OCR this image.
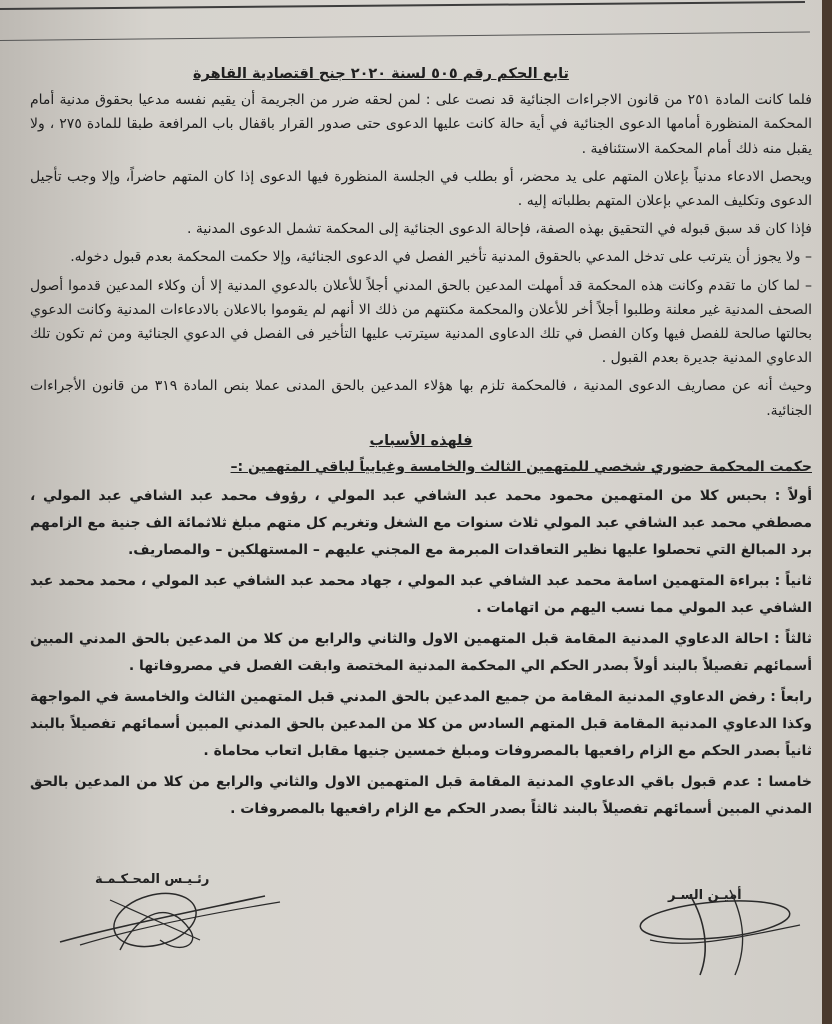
تابع الحكم رقم ٥٠٥ لسنة ٢٠٢٠ جنح اقتصادية القاهرة

فلما كانت المادة ٢٥١ من قانون الاجراءات الجنائية قد نصت على : لمن لحقه ضرر من الجريمة أن يقيم نفسه مدعيا بحقوق مدنية أمام المحكمة المنظورة أمامها الدعوى الجنائية في أية حالة كانت عليها الدعوى حتى صدور القرار باقفال باب المرافعة طبقا للمادة ٢٧٥ ، ولا يقبل منه ذلك أمام المحكمة الاستئنافية .

ويحصل الادعاء مدنياً بإعلان المتهم على يد محضر، أو بطلب في الجلسة المنظورة فيها الدعوى إذا كان المتهم حاضراً، وإلا وجب تأجيل الدعوى وتكليف المدعي بإعلان المتهم بطلباته إليه .

فإذا كان قد سبق قبوله في التحقيق بهذه الصفة، فإحالة الدعوى الجنائية إلى المحكمة تشمل الدعوى المدنية .

– ولا يجوز أن يترتب على تدخل المدعي بالحقوق المدنية تأخير الفصل في الدعوى الجنائية، وإلا حكمت المحكمة بعدم قبول دخوله.

– لما كان ما تقدم وكانت هذه المحكمة قد أمهلت المدعين بالحق المدني أجلاً للأعلان بالدعوي المدنية إلا أن وكلاء المدعين قدموا أصول الصحف المدنية غير معلنة وطلبوا أجلاً أخر للأعلان والمحكمة مكنتهم من ذلك الا أنهم لم يقوموا بالاعلان بالادعاءات المدنية وكانت الدعوي بحالتها صالحة للفصل فيها وكان الفصل في تلك الدعاوى المدنية سيترتب عليها التأخير فى الفصل في الدعوي الجنائية ومن ثم تكون تلك الدعاوي المدنية جديرة بعدم القبول .

وحيث أنه عن مصاريف الدعوى المدنية ، فالمحكمة تلزم بها هؤلاء المدعين بالحق المدنى عملا بنص المادة ٣١٩ من قانون الأجراءات الجنائية.

فلهذه الأسباب
حكمت المحكمة حضوري شخصي للمتهمين الثالث والخامسة وغيابياً لباقي المتهمين :–

أولاً : بحبس كلا من المتهمين محمود محمد عبد الشافي عبد المولي ، رؤوف محمد عبد الشافي عبد المولي ، مصطفي محمد عبد الشافي عبد المولي ثلاث سنوات مع الشغل وتغريم كل متهم مبلغ ثلاثمائة الف جنية مع الزامهم برد المبالغ التي تحصلوا عليها نظير التعاقدات المبرمة مع المجني عليهم – المستهلكين – والمصاريف.

ثانياً : ببراءة المتهمين اسامة محمد عبد الشافي عبد المولي ، جهاد محمد عبد الشافي عبد المولي ، محمد محمد عبد الشافي عبد المولي مما نسب اليهم من اتهامات .

ثالثاً : احالة الدعاوي المدنية المقامة قبل المتهمين الاول والثاني والرابع من كلا من المدعين بالحق المدني المبين أسمائهم تفصيلاً بالبند أولاً بصدر الحكم الي المحكمة المدنية المختصة وابقت الفصل في مصروفاتها .

رابعاً : رفض الدعاوي المدنية المقامة من جميع المدعين بالحق المدني قبل المتهمين الثالث والخامسة في المواجهة وكذا الدعاوي المدنية المقامة قبل المتهم السادس من كلا من المدعين بالحق المدني المبين أسمائهم تفصيلاً بالبند ثانياً بصدر الحكم مع الزام رافعيها بالمصروفات ومبلغ خمسين جنيها مقابل اتعاب محاماة .

خامسا : عدم قبول باقي الدعاوي المدنية المقامة قبل المتهمين الاول والثاني والرابع من كلا من المدعين بالحق المدني المبين أسمائهم تفصيلاً بالبند ثالثاً بصدر الحكم مع الزام رافعيها بالمصروفات .

رئـيـس المحـكـمـة
أميـن السـر
